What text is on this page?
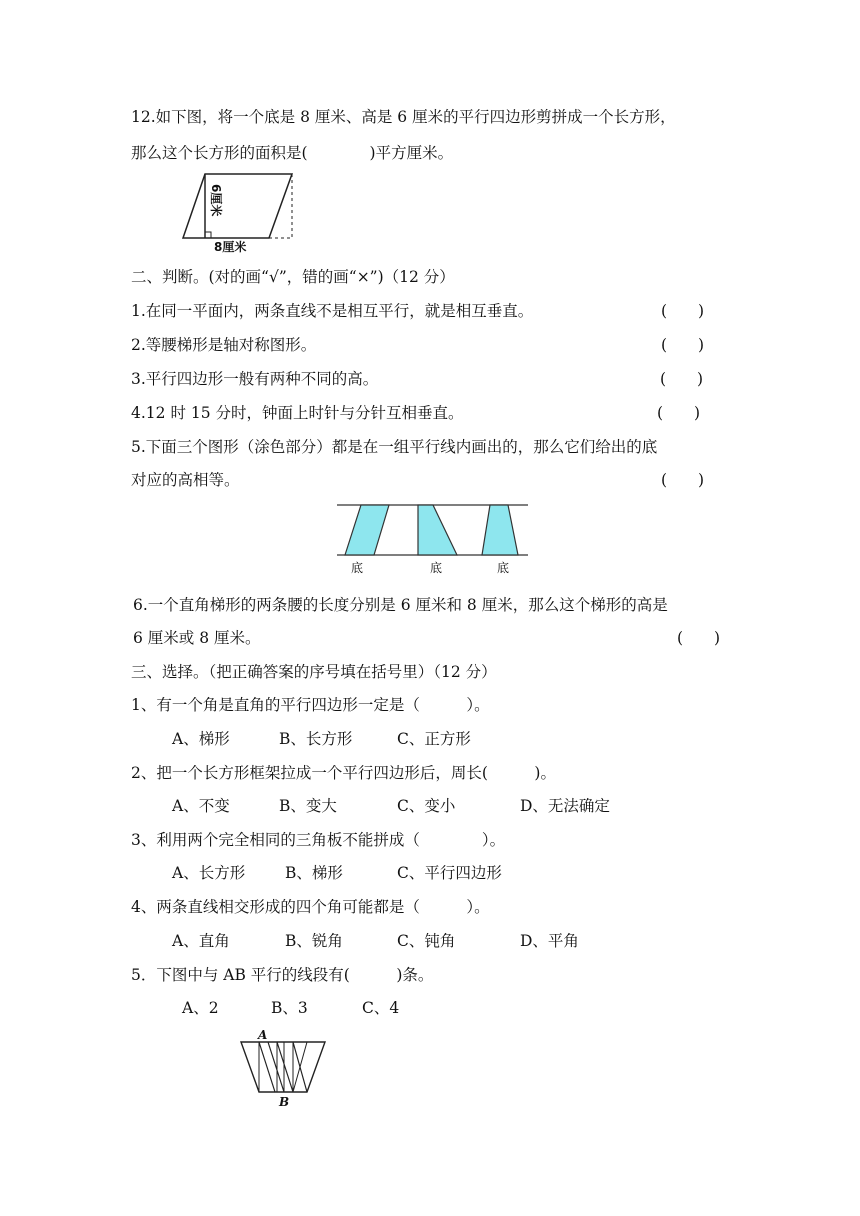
12.如下图，将一个底是 8 厘米、高是 6 厘米的平行四边形剪拼成一个长方形，
那么这个长方形的面积是(　　　　)平方厘米。
6厘米
8厘米
二、判断。(对的画“√”，错的画“×”)（12 分）
1.在同一平面内，两条直线不是相互平行，就是相互垂直。	(　　)
2.等腰梯形是轴对称图形。	(　　)
3.平行四边形一般有两种不同的高。	(　　)
4.12 时 15 分时，钟面上时针与分针互相垂直。	(　　)
5.下面三个图形（涂色部分）都是在一组平行线内画出的，那么它们给出的底
对应的高相等。	(　　)
底	底	底
6.一个直角梯形的两条腰的长度分别是 6 厘米和 8 厘米，那么这个梯形的高是
6 厘米或 8 厘米。	(　　)
三、选择。（把正确答案的序号填在括号里）（12 分）
1、有一个角是直角的平行四边形一定是（　　　）。
A、梯形	B、长方形	C、正方形
2、把一个长方形框架拉成一个平行四边形后，周长(　　　)。
A、不变	B、变大	C、变小	D、无法确定
3、利用两个完全相同的三角板不能拼成（　　　　）。
A、长方形	B、梯形	C、平行四边形
4、两条直线相交形成的四个角可能都是（　　　）。
A、直角	B、锐角	C、钝角	D、平角
5．下图中与 AB 平行的线段有(　　　)条。
A、2	B、3	C、4
A
B
